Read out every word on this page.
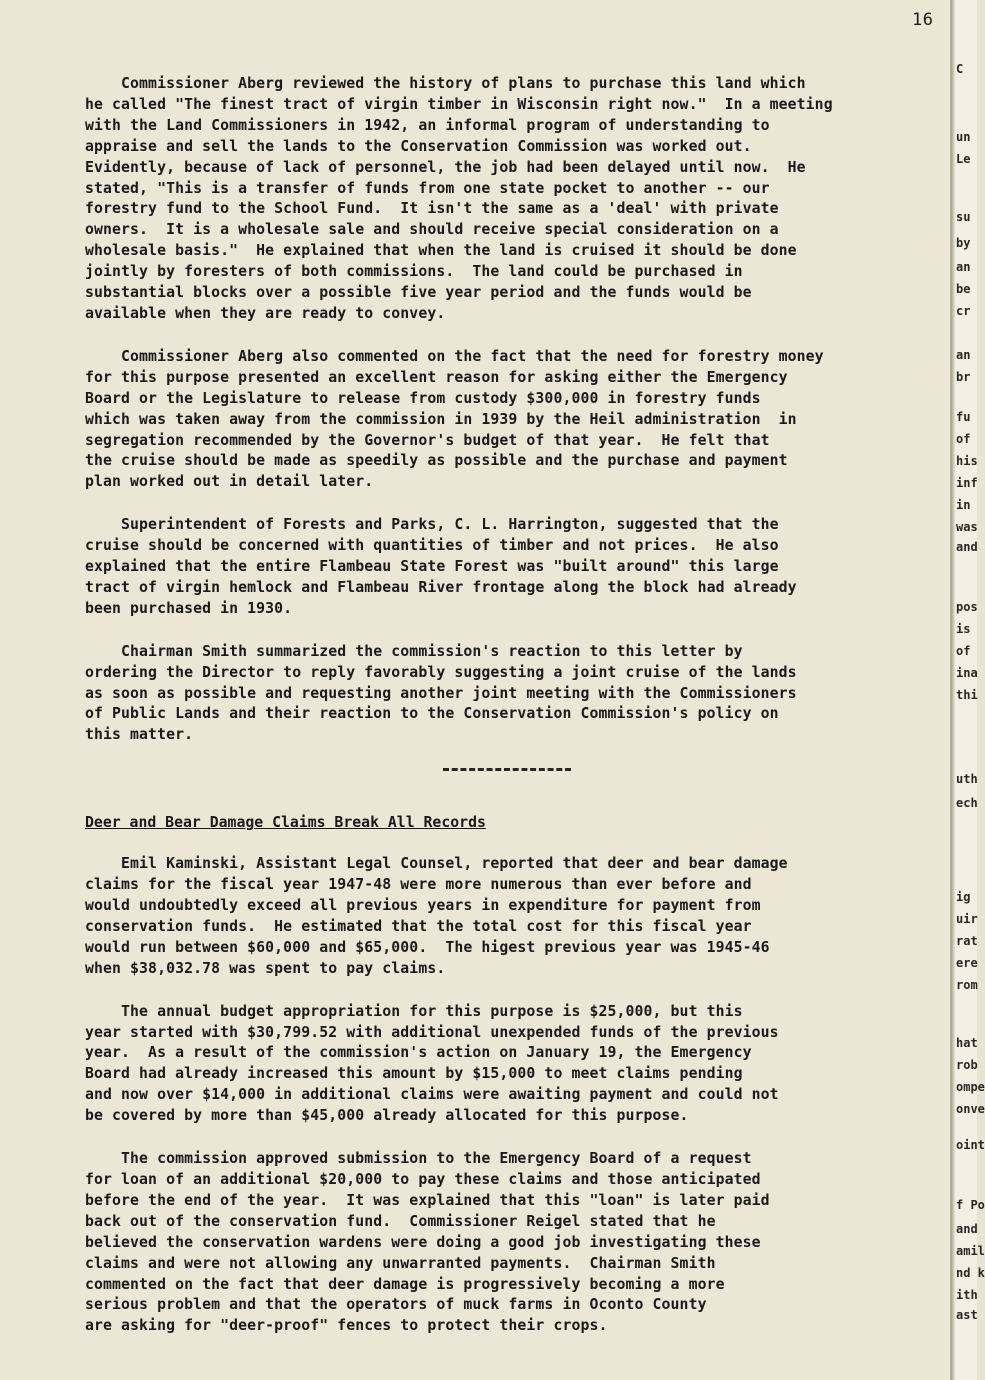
16
Commissioner Aberg reviewed the history of plans to purchase this land which
he called "The finest tract of virgin timber in Wisconsin right now."  In a meeting
with the Land Commissioners in 1942, an informal program of understanding to
appraise and sell the lands to the Conservation Commission was worked out.
Evidently, because of lack of personnel, the job had been delayed until now.  He
stated, "This is a transfer of funds from one state pocket to another -- our
forestry fund to the School Fund.  It isn't the same as a 'deal' with private
owners.  It is a wholesale sale and should receive special consideration on a
wholesale basis."  He explained that when the land is cruised it should be done
jointly by foresters of both commissions.  The land could be purchased in
substantial blocks over a possible five year period and the funds would be
available when they are ready to convey.
Commissioner Aberg also commented on the fact that the need for forestry money
for this purpose presented an excellent reason for asking either the Emergency
Board or the Legislature to release from custody $300,000 in forestry funds
which was taken away from the commission in 1939 by the Heil administration  in
segregation recommended by the Governor's budget of that year.  He felt that
the cruise should be made as speedily as possible and the purchase and payment
plan worked out in detail later.
Superintendent of Forests and Parks, C. L. Harrington, suggested that the
cruise should be concerned with quantities of timber and not prices.  He also
explained that the entire Flambeau State Forest was "built around" this large
tract of virgin hemlock and Flambeau River frontage along the block had already
been purchased in 1930.
Chairman Smith summarized the commission's reaction to this letter by
ordering the Director to reply favorably suggesting a joint cruise of the lands
as soon as possible and requesting another joint meeting with the Commissioners
of Public Lands and their reaction to the Conservation Commission's policy on
this matter.
Deer and Bear Damage Claims Break All Records
Emil Kaminski, Assistant Legal Counsel, reported that deer and bear damage
claims for the fiscal year 1947-48 were more numerous than ever before and
would undoubtedly exceed all previous years in expenditure for payment from
conservation funds.  He estimated that the total cost for this fiscal year
would run between $60,000 and $65,000.  The higest previous year was 1945-46
when $38,032.78 was spent to pay claims.
The annual budget appropriation for this purpose is $25,000, but this
year started with $30,799.52 with additional unexpended funds of the previous
year.  As a result of the commission's action on January 19, the Emergency
Board had already increased this amount by $15,000 to meet claims pending
and now over $14,000 in additional claims were awaiting payment and could not
be covered by more than $45,000 already allocated for this purpose.
The commission approved submission to the Emergency Board of a request
for loan of an additional $20,000 to pay these claims and those anticipated
before the end of the year.  It was explained that this "loan" is later paid
back out of the conservation fund.  Commissioner Reigel stated that he
believed the conservation wardens were doing a good job investigating these
claims and were not allowing any unwarranted payments.  Chairman Smith
commented on the fact that deer damage is progressively becoming a more
serious problem and that the operators of muck farms in Oconto County
are asking for "deer-proof" fences to protect their crops.
C
un
Le
su
by
an
be
cr
an
br
fu
of
his
inf
in
was
and
pos
is
of
ina
thi
uth
ech
ig
uir
rat
ere
rom
hat
rob
ompe
onve
oint
f Po
and
amil
nd k
ith
ast
